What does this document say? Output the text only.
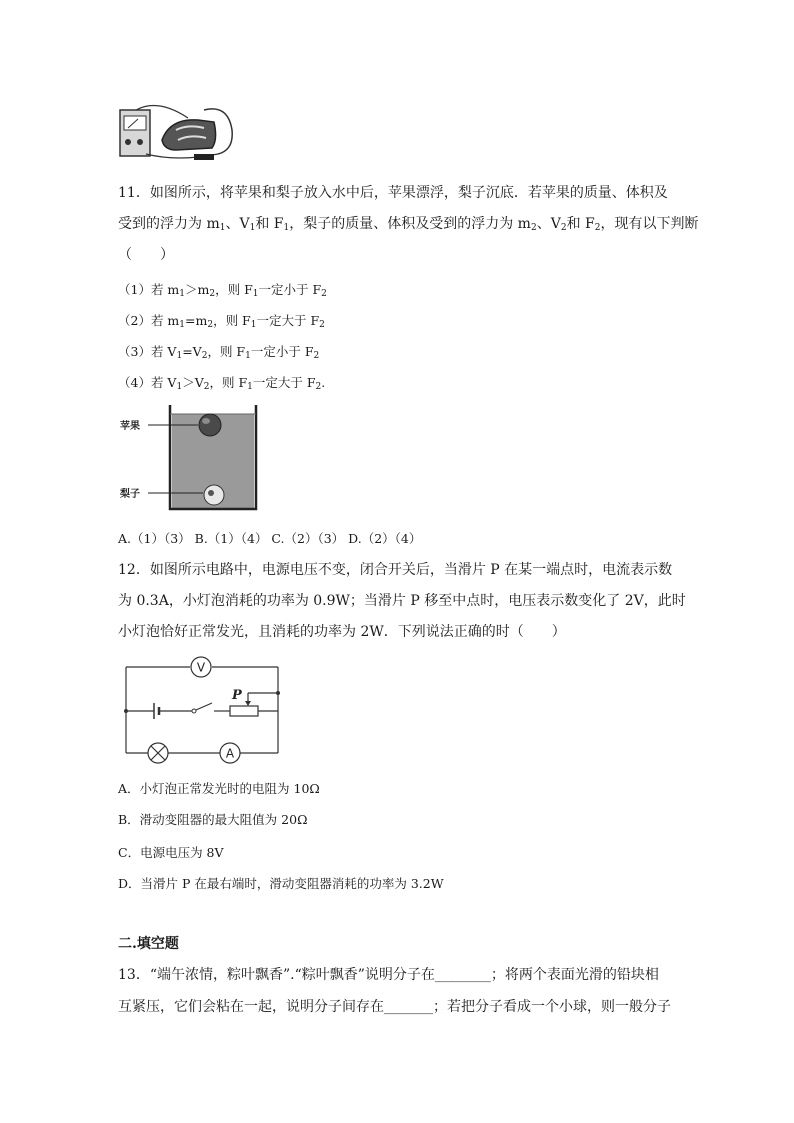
11．如图所示，将苹果和梨子放入水中后，苹果漂浮，梨子沉底．若苹果的质量、体积及
受到的浮力为 $m_1$、$V_1$和 $F_1$，梨子的质量、体积及受到的浮力为 $m_2$、$V_2$和 $F_2$，现有以下判断
（　　）
（1）若 $m_1>m_2$，则 $F_1$一定小于 $F_2$
（2）若 $m_1=m_2$，则 $F_1$一定大于 $F_2$
（3）若 $V_1=V_2$，则 $F_1$一定小于 $F_2$
（4）若 $V_1>V_2$，则 $F_1$一定大于 $F_2$.
苹果
梨子
A.（1）（3） B.（1）（4） C.（2）（3） D.（2）（4）
12．如图所示电路中，电源电压不变，闭合开关后，当滑片 P 在某一端点时，电流表示数
为 0.3A，小灯泡消耗的功率为 0.9W；当滑片 P 移至中点时，电压表示数变化了 2V，此时
小灯泡恰好正常发光，且消耗的功率为 2W．下列说法正确的时（　　）
V
P
A
A．小灯泡正常发光时的电阻为 10Ω
B．滑动变阻器的最大阻值为 20Ω
C．电源电压为 8V
D．当滑片 P 在最右端时，滑动变阻器消耗的功率为 3.2W
二.填空题
13．“端午浓情，粽叶飘香”.“粽叶飘香”说明分子在________；将两个表面光滑的铅块相
互紧压，它们会粘在一起，说明分子间存在_______；若把分子看成一个小球，则一般分子
